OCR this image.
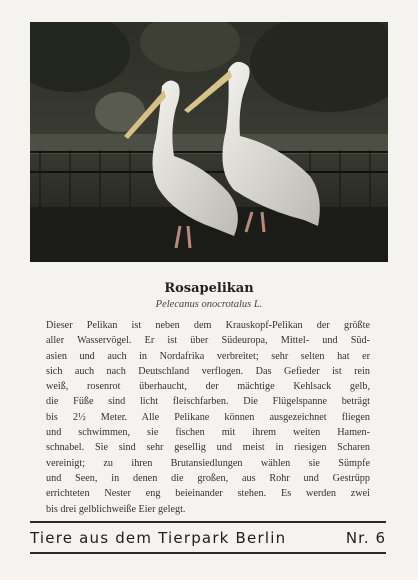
Rosapelikan
Pelecanus onocrotalus L.
Dieser Pelikan ist neben dem Krauskopf-Pelikan der größte
aller Wasservögel. Er ist über Südeuropa, Mittel- und Süd-
asien und auch in Nordafrika verbreitet; sehr selten hat er
sich auch nach Deutschland verflogen. Das Gefieder ist rein
weiß, rosenrot überhaucht, der mächtige Kehlsack gelb,
die Füße sind licht fleischfarben. Die Flügelspanne beträgt
bis 2½ Meter. Alle Pelikane können ausgezeichnet fliegen
und schwimmen, sie fischen mit ihrem weiten Hamen-
schnabel. Sie sind sehr gesellig und meist in riesigen Scharen
vereinigt; zu ihren Brutansiedlungen wählen sie Sümpfe
und Seen, in denen die großen, aus Rohr und Gestrüpp
errichteten Nester eng beieinander stehen. Es werden zwei
bis drei gelblichweiße Eier gelegt.
Tiere aus dem Tierpark Berlin	Nr. 6
